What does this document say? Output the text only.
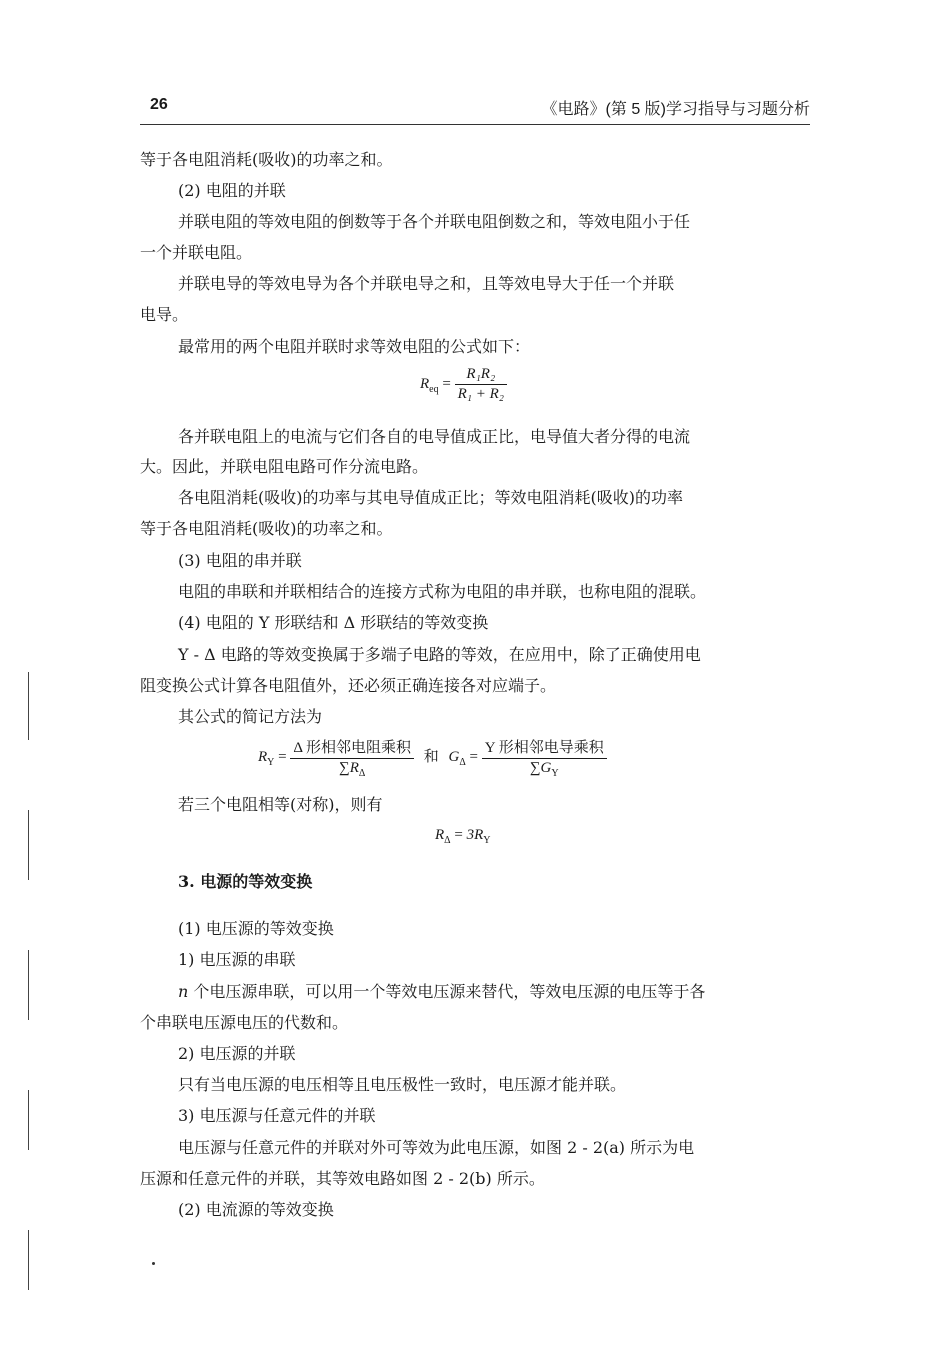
26	《电路》(第 5 版)学习指导与习题分析
等于各电阻消耗(吸收)的功率之和。
(2) 电阻的并联
并联电阻的等效电阻的倒数等于各个并联电阻倒数之和，等效电阻小于任
一个并联电阻。
并联电导的等效电导为各个并联电导之和，且等效电导大于任一个并联
电导。
最常用的两个电阻并联时求等效电阻的公式如下：
$R_{eq} = \frac{\text{R₁R₂}}{\text{R₁ + R₂}}$
各并联电阻上的电流与它们各自的电导值成正比，电导值大者分得的电流
大。因此，并联电阻电路可作分流电路。
各电阻消耗(吸收)的功率与其电导值成正比；等效电阻消耗(吸收)的功率
等于各电阻消耗(吸收)的功率之和。
(3) 电阻的串并联
电阻的串联和并联相结合的连接方式称为电阻的串并联，也称电阻的混联。
(4) 电阻的 Y 形联结和 Δ 形联结的等效变换
Y - Δ 电路的等效变换属于多端子电路的等效，在应用中，除了正确使用电
阻变换公式计算各电阻值外，还必须正确连接各对应端子。
其公式的简记方法为
$R_Y = \frac{\text{Δ 形相邻电阻乘积}}{\sum R_\Delta}$ 和 $G_\Delta = \frac{\text{Y 形相邻电导乘积}}{\sum G_Y}$
若三个电阻相等(对称)，则有
$R_\Delta = 3R_Y$
3. 电源的等效变换
(1) 电压源的等效变换
1) 电压源的串联
n 个电压源串联，可以用一个等效电压源来替代，等效电压源的电压等于各
个串联电压源电压的代数和。
2) 电压源的并联
只有当电压源的电压相等且电压极性一致时，电压源才能并联。
3) 电压源与任意元件的并联
电压源与任意元件的并联对外可等效为此电压源，如图 2 - 2(a) 所示为电
压源和任意元件的并联，其等效电路如图 2 - 2(b) 所示。
(2) 电流源的等效变换
